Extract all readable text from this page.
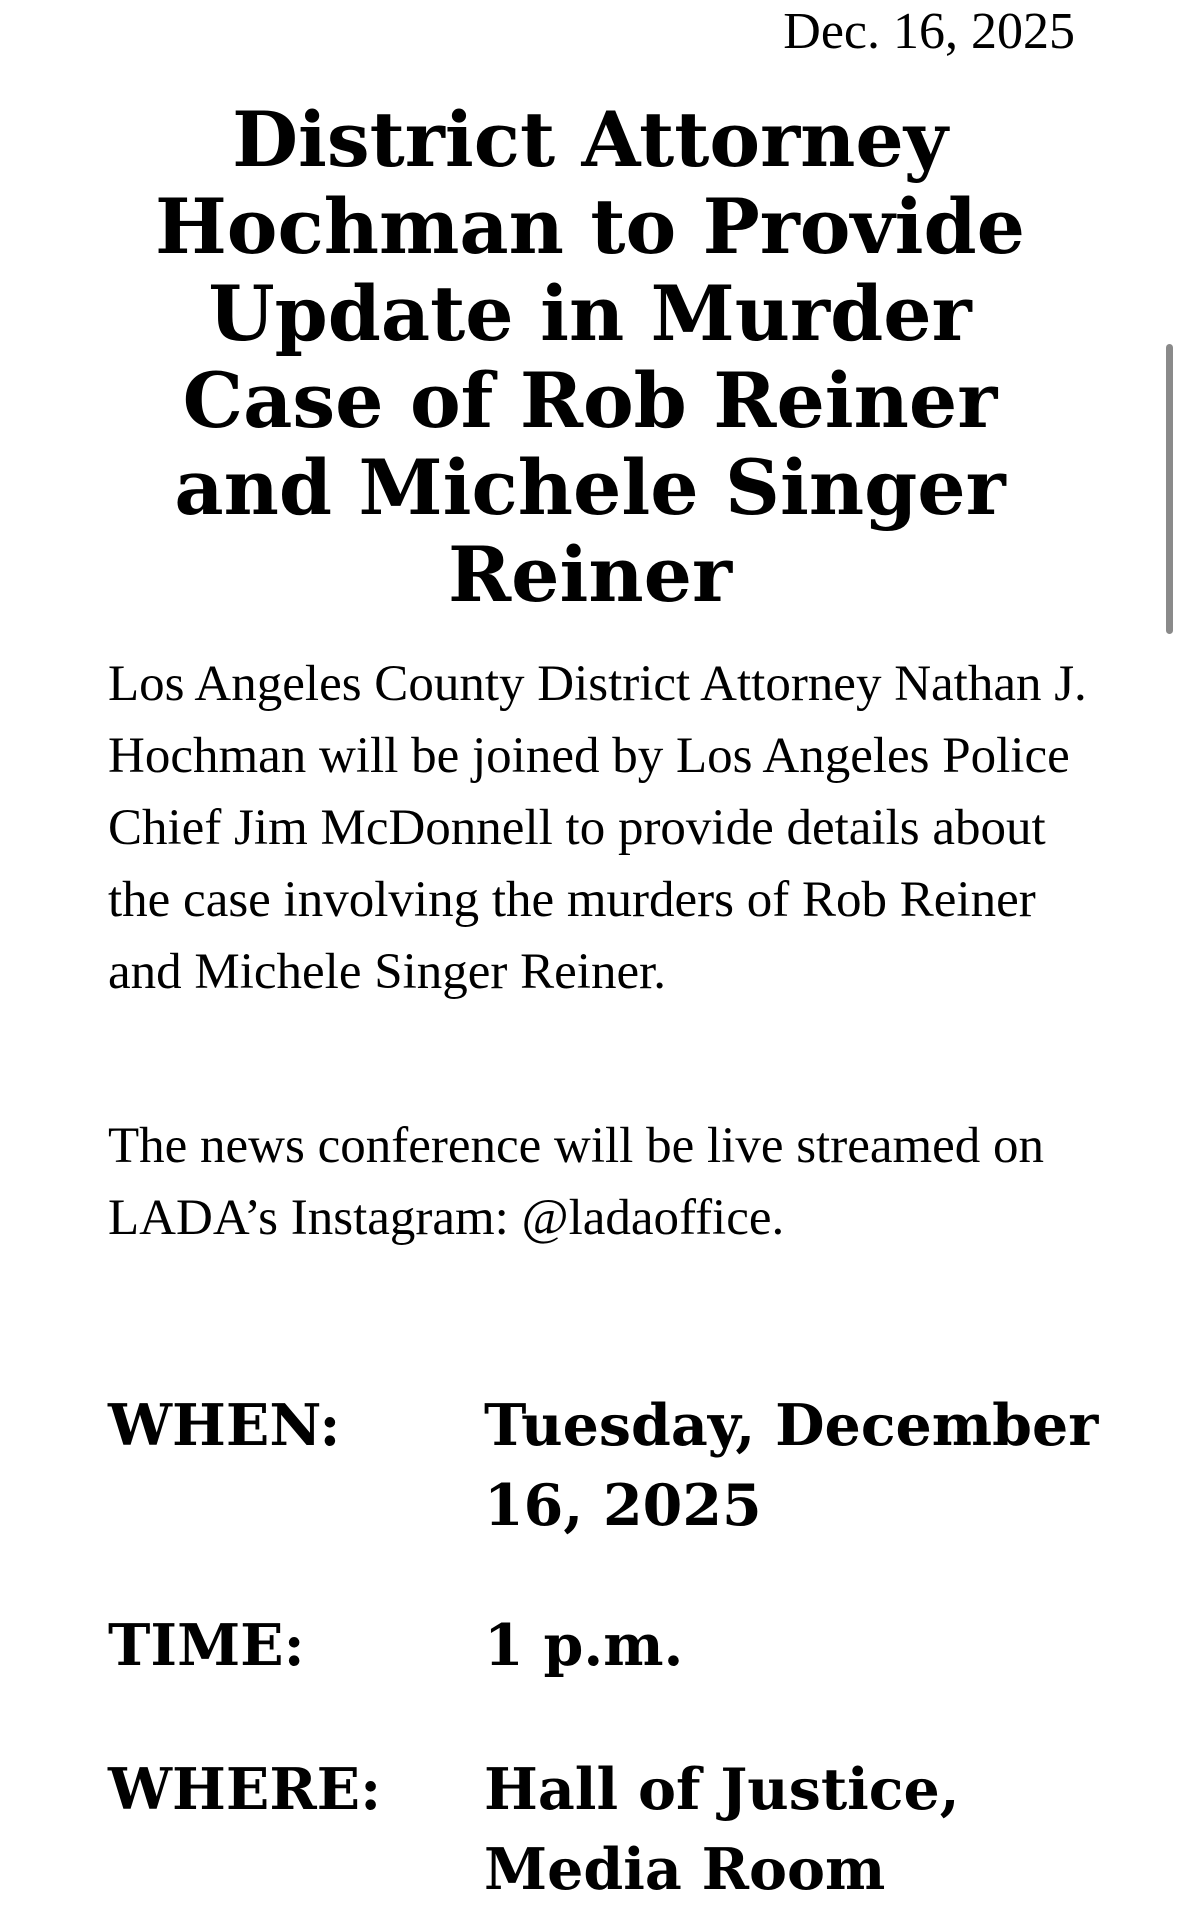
Dec. 16, 2025
District Attorney Hochman to Provide Update in Murder Case of Rob Reiner and Michele Singer Reiner

Los Angeles County District Attorney Nathan J. Hochman will be joined by Los Angeles Police Chief Jim McDonnell to provide details about the case involving the murders of Rob Reiner and Michele Singer Reiner.

The news conference will be live streamed on LADA’s Instagram: @ladaoffice.

WHEN:	Tuesday, December 16, 2025
TIME:	1 p.m.
WHERE: Hall of Justice, Media Room
